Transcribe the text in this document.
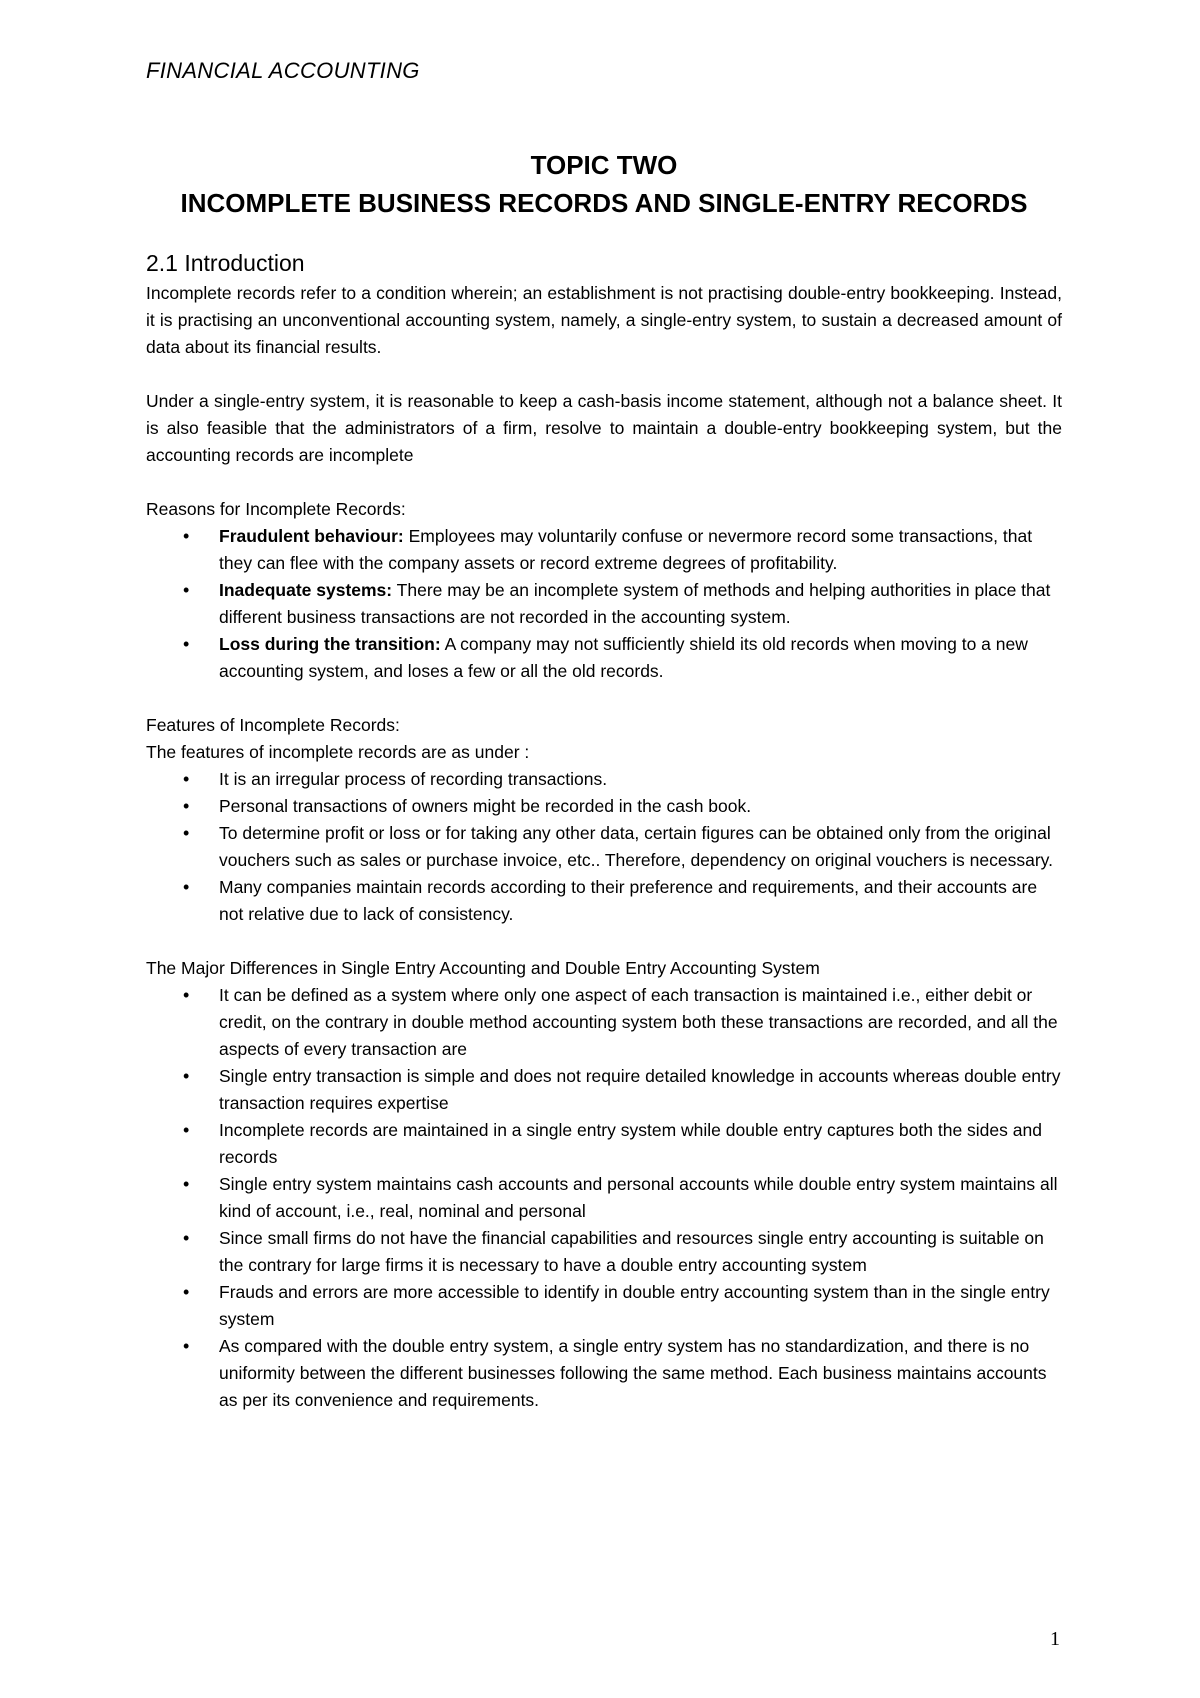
FINANCIAL ACCOUNTING
TOPIC TWO
INCOMPLETE BUSINESS RECORDS AND SINGLE-ENTRY RECORDS
2.1 Introduction

Incomplete records refer to a condition wherein; an establishment is not practising double-entry bookkeeping. Instead, it is practising an unconventional accounting system, namely, a single-entry system, to sustain a decreased amount of data about its financial results.

Under a single-entry system, it is reasonable to keep a cash-basis income statement, although not a balance sheet. It is also feasible that the administrators of a firm, resolve to maintain a double-entry bookkeeping system, but the accounting records are incomplete

Reasons for Incomplete Records:
• Fraudulent behaviour: Employees may voluntarily confuse or nevermore record some transactions, that they can flee with the company assets or record extreme degrees of profitability.
• Inadequate systems: There may be an incomplete system of methods and helping authorities in place that different business transactions are not recorded in the accounting system.
• Loss during the transition: A company may not sufficiently shield its old records when moving to a new accounting system, and loses a few or all the old records.
Features of Incomplete Records:
The features of incomplete records are as under :
• It is an irregular process of recording transactions.
• Personal transactions of owners might be recorded in the cash book.
• To determine profit or loss or for taking any other data, certain figures can be obtained only from the original vouchers such as sales or purchase invoice, etc.. Therefore, dependency on original vouchers is necessary.
• Many companies maintain records according to their preference and requirements, and their accounts are not relative due to lack of consistency.
The Major Differences in Single Entry Accounting and Double Entry Accounting System
• It can be defined as a system where only one aspect of each transaction is maintained i.e., either debit or credit, on the contrary in double method accounting system both these transactions are recorded, and all the aspects of every transaction are
• Single entry transaction is simple and does not require detailed knowledge in accounts whereas double entry transaction requires expertise
• Incomplete records are maintained in a single entry system while double entry captures both the sides and records
• Single entry system maintains cash accounts and personal accounts while double entry system maintains all kind of account, i.e., real, nominal and personal
• Since small firms do not have the financial capabilities and resources single entry accounting is suitable on the contrary for large firms it is necessary to have a double entry accounting system
• Frauds and errors are more accessible to identify in double entry accounting system than in the single entry system
• As compared with the double entry system, a single entry system has no standardization, and there is no uniformity between the different businesses following the same method. Each business maintains accounts as per its convenience and requirements.
1
